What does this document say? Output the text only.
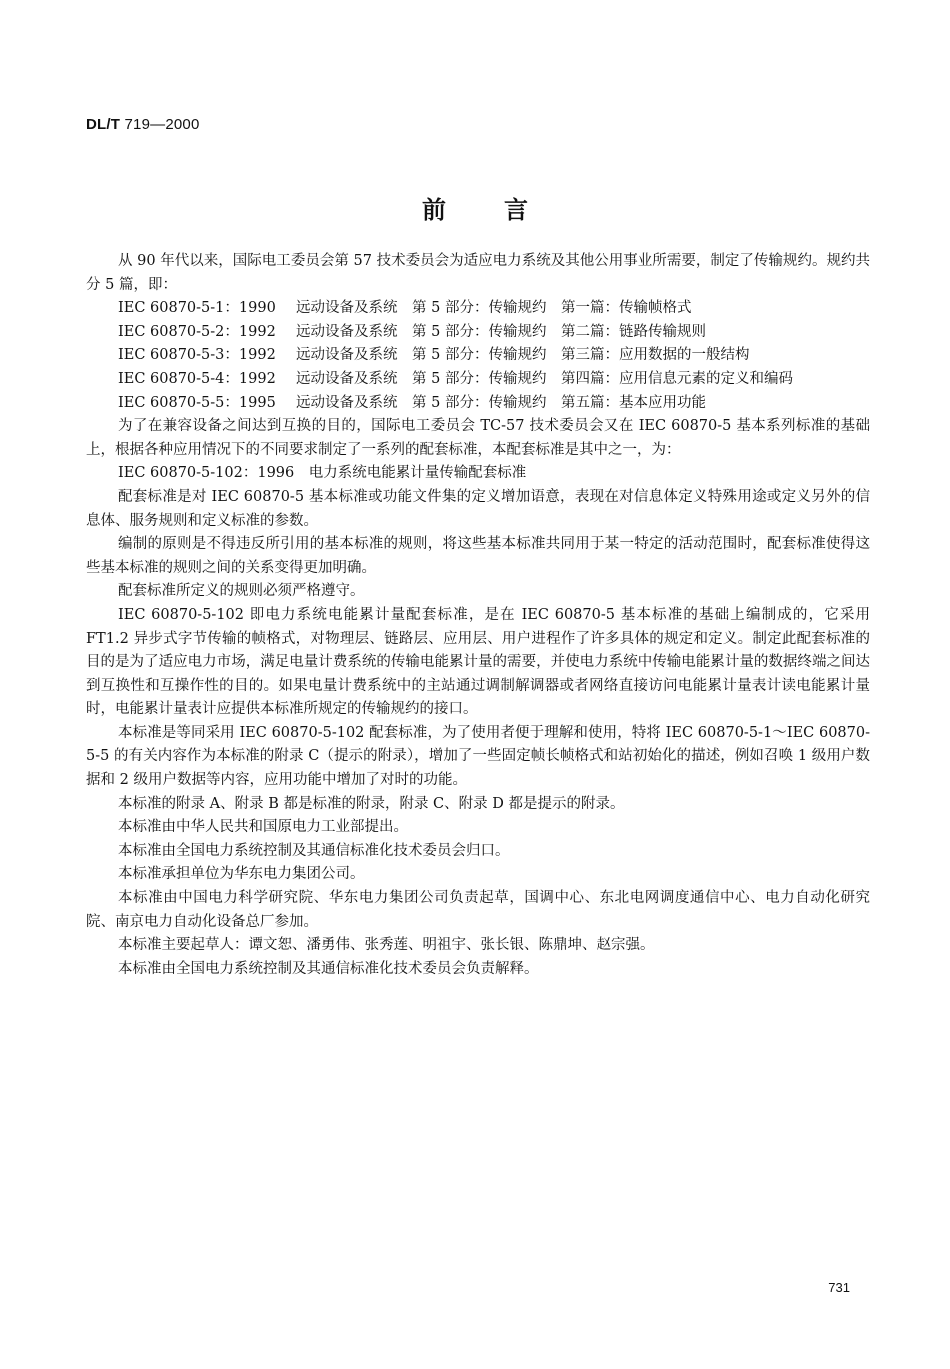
DL/T 719—2000
前言

从 90 年代以来，国际电工委员会第 57 技术委员会为适应电力系统及其他公用事业所需要，制定了传输规约。规约共分 5 篇，即：

IEC 60870-5-1：1990	远动设备及系统　第 5 部分：传输规约　第一篇：传输帧格式
IEC 60870-5-2：1992	远动设备及系统　第 5 部分：传输规约　第二篇：链路传输规则
IEC 60870-5-3：1992	远动设备及系统　第 5 部分：传输规约　第三篇：应用数据的一般结构
IEC 60870-5-4：1992	远动设备及系统　第 5 部分：传输规约　第四篇：应用信息元素的定义和编码
IEC 60870-5-5：1995	远动设备及系统　第 5 部分：传输规约　第五篇：基本应用功能

为了在兼容设备之间达到互换的目的，国际电工委员会 TC-57 技术委员会又在 IEC 60870-5 基本系列标准的基础上，根据各种应用情况下的不同要求制定了一系列的配套标准，本配套标准是其中之一，为：

IEC 60870-5-102：1996　电力系统电能累计量传输配套标准

配套标准是对 IEC 60870-5 基本标准或功能文件集的定义增加语意，表现在对信息体定义特殊用途或定义另外的信息体、服务规则和定义标准的参数。

编制的原则是不得违反所引用的基本标准的规则，将这些基本标准共同用于某一特定的活动范围时，配套标准使得这些基本标准的规则之间的关系变得更加明确。

配套标准所定义的规则必须严格遵守。

IEC 60870-5-102 即电力系统电能累计量配套标准，是在 IEC 60870-5 基本标准的基础上编制成的，它采用 FT1.2 异步式字节传输的帧格式，对物理层、链路层、应用层、用户进程作了许多具体的规定和定义。制定此配套标准的目的是为了适应电力市场，满足电量计费系统的传输电能累计量的需要，并使电力系统中传输电能累计量的数据终端之间达到互换性和互操作性的目的。如果电量计费系统中的主站通过调制解调器或者网络直接访问电能累计量表计读电能累计量时，电能累计量表计应提供本标准所规定的传输规约的接口。

本标准是等同采用 IEC 60870-5-102 配套标准，为了使用者便于理解和使用，特将 IEC 60870-5-1～IEC 60870-5-5 的有关内容作为本标准的附录 C（提示的附录），增加了一些固定帧长帧格式和站初始化的描述，例如召唤 1 级用户数据和 2 级用户数据等内容，应用功能中增加了对时的功能。

本标准的附录 A、附录 B 都是标准的附录，附录 C、附录 D 都是提示的附录。

本标准由中华人民共和国原电力工业部提出。

本标准由全国电力系统控制及其通信标准化技术委员会归口。

本标准承担单位为华东电力集团公司。

本标准由中国电力科学研究院、华东电力集团公司负责起草，国调中心、东北电网调度通信中心、电力自动化研究院、南京电力自动化设备总厂参加。

本标准主要起草人：谭文恕、潘勇伟、张秀莲、明祖宇、张长银、陈鼎坤、赵宗强。

本标准由全国电力系统控制及其通信标准化技术委员会负责解释。

731
